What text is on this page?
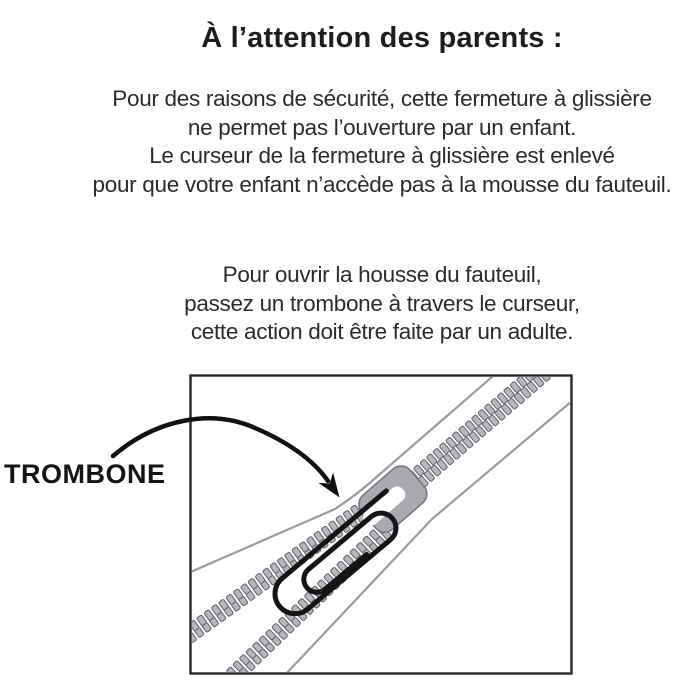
À l’attention des parents :
Pour des raisons de sécurité, cette fermeture à glissière
ne permet pas l’ouverture par un enfant.
Le curseur de la fermeture à glissière est enlevé
pour que votre enfant n’accède pas à la mousse du fauteuil.
Pour ouvrir la housse du fauteuil,
passez un trombone à travers le curseur,
cette action doit être faite par un adulte.
TROMBONE
